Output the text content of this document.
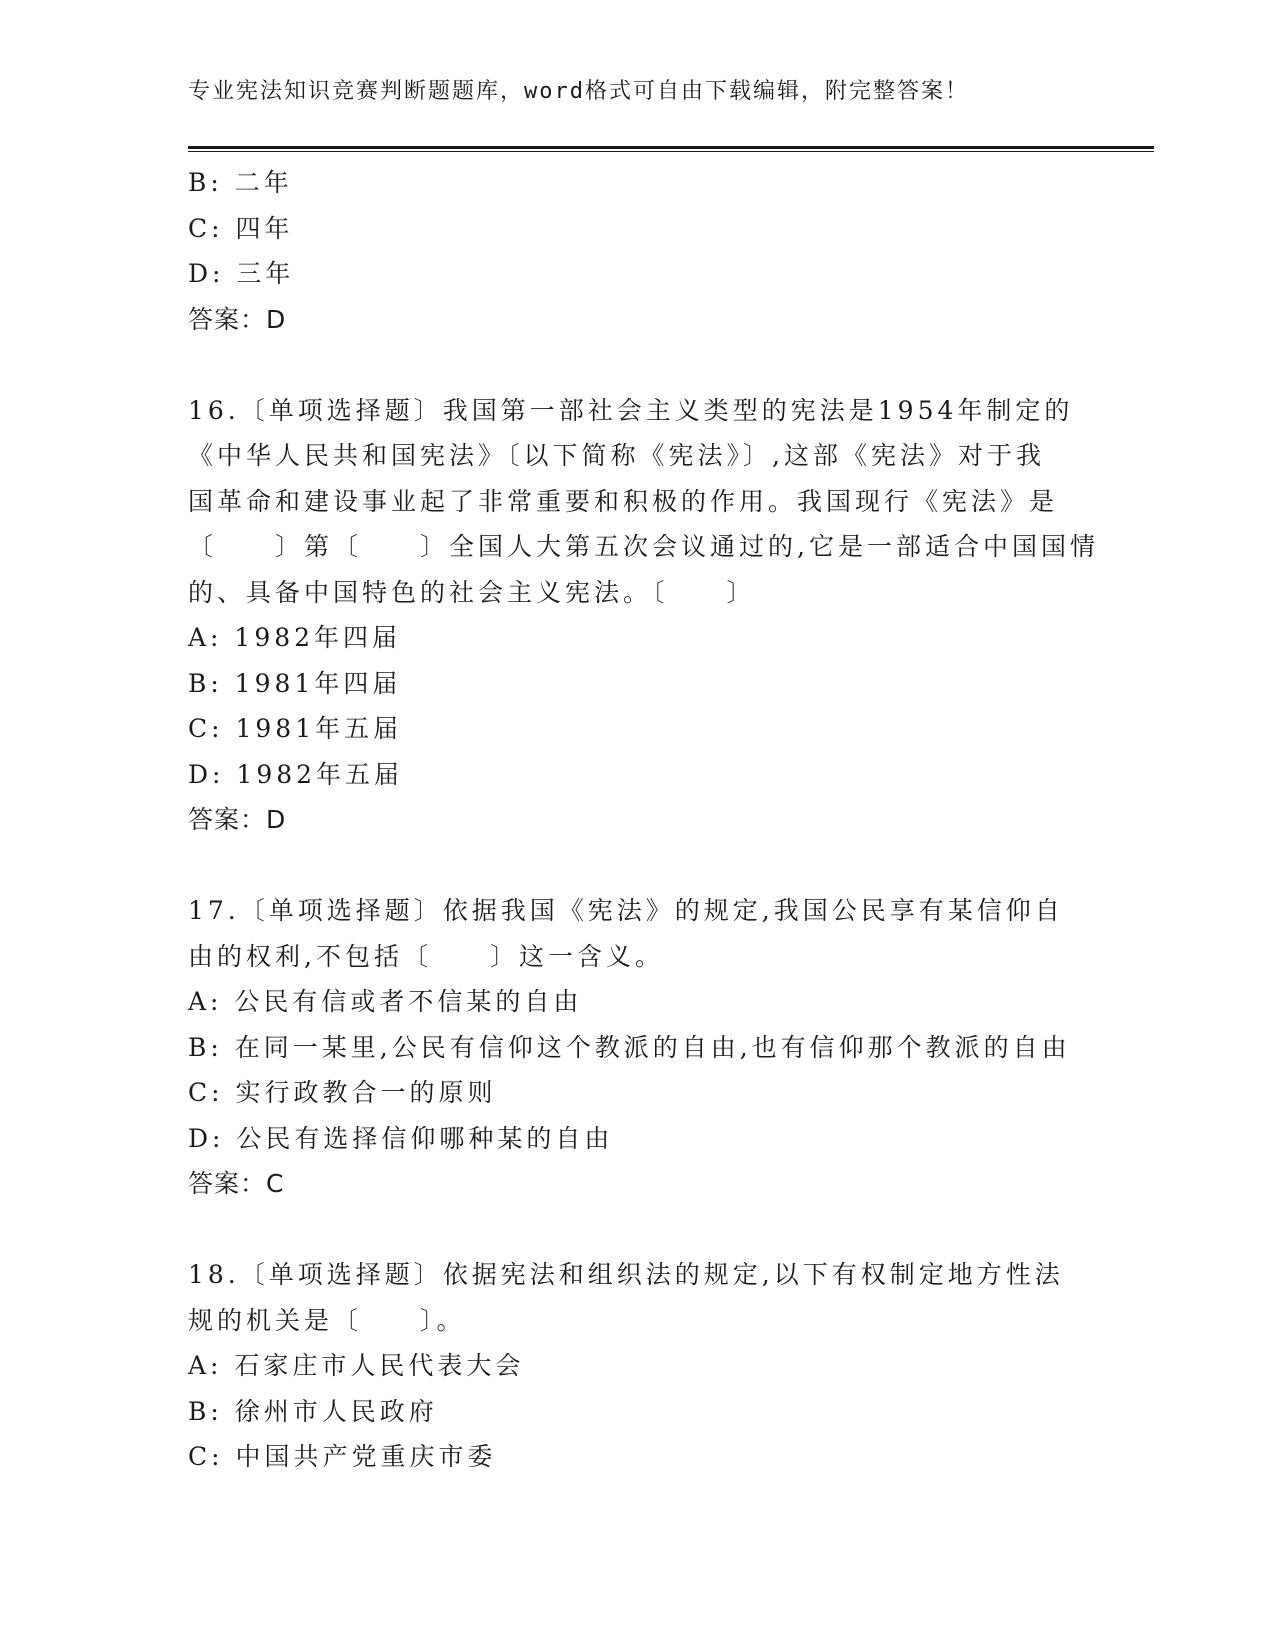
专业宪法知识竞赛判断题题库，word格式可自由下载编辑，附完整答案！
B: 二年
C: 四年
D: 三年
答案：D
16.〔单项选择题〕我国第一部社会主义类型的宪法是1954年制定的
《中华人民共和国宪法》〔以下简称《宪法》〕,这部《宪法》对于我
国革命和建设事业起了非常重要和积极的作用。我国现行《宪法》是
〔　　〕第〔　　〕全国人大第五次会议通过的,它是一部适合中国国情
的、具备中国特色的社会主义宪法。〔　　〕
A: 1982年四届
B: 1981年四届
C: 1981年五届
D: 1982年五届
答案：D
17.〔单项选择题〕依据我国《宪法》的规定,我国公民享有某信仰自
由的权利,不包括〔　　〕这一含义。
A: 公民有信或者不信某的自由
B: 在同一某里,公民有信仰这个教派的自由,也有信仰那个教派的自由
C: 实行政教合一的原则
D: 公民有选择信仰哪种某的自由
答案：C
18.〔单项选择题〕依据宪法和组织法的规定,以下有权制定地方性法
规的机关是〔　　〕。
A: 石家庄市人民代表大会
B: 徐州市人民政府
C: 中国共产党重庆市委
